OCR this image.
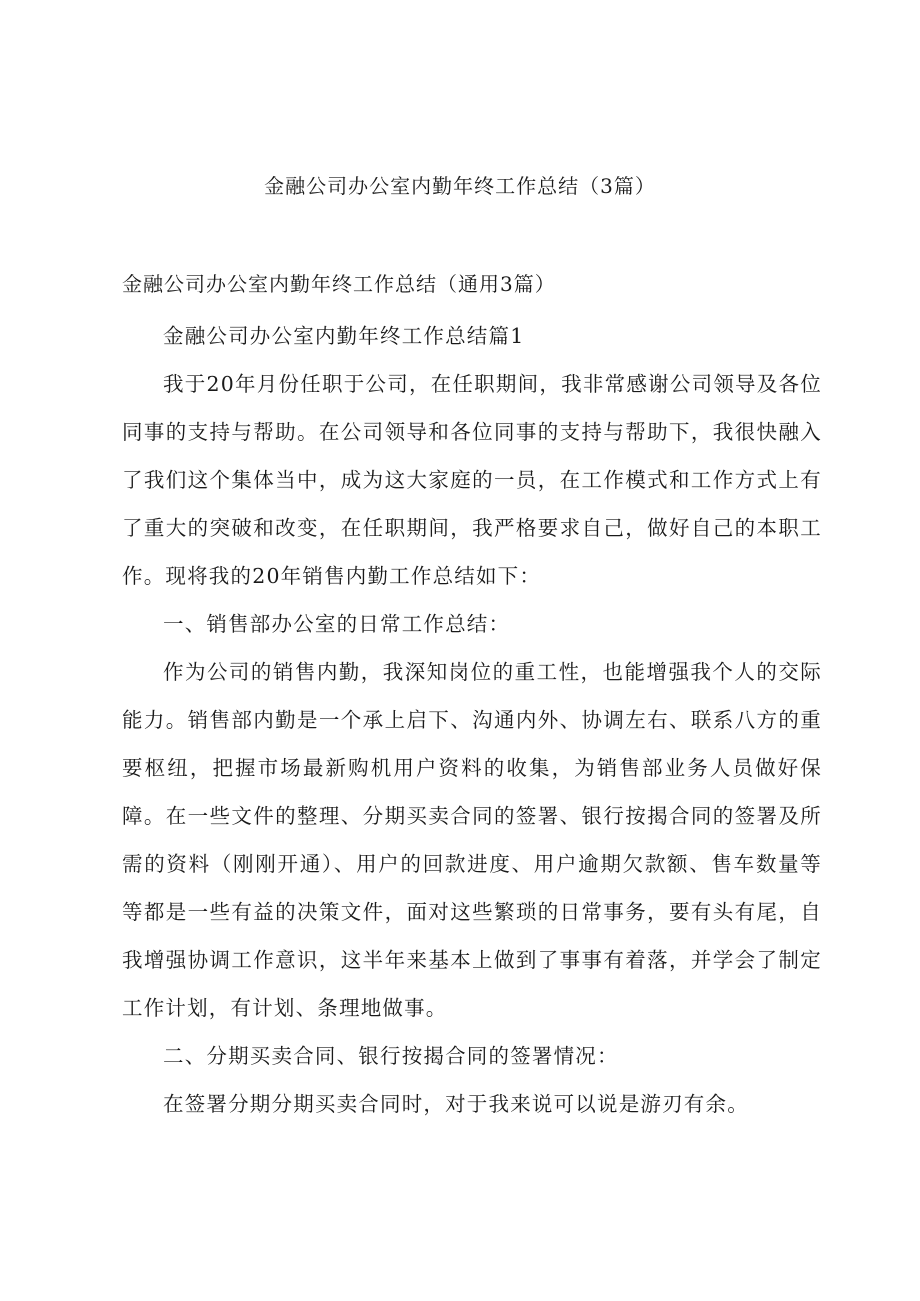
金融公司办公室内勤年终工作总结（3篇）
金融公司办公室内勤年终工作总结（通用3篇）

金融公司办公室内勤年终工作总结篇1

我于20年月份任职于公司，在任职期间，我非常感谢公司领导及各位同事的支持与帮助。在公司领导和各位同事的支持与帮助下，我很快融入了我们这个集体当中，成为这大家庭的一员，在工作模式和工作方式上有了重大的突破和改变，在任职期间，我严格要求自己，做好自己的本职工作。现将我的20年销售内勤工作总结如下：

一、销售部办公室的日常工作总结：

作为公司的销售内勤，我深知岗位的重工性，也能增强我个人的交际能力。销售部内勤是一个承上启下、沟通内外、协调左右、联系八方的重要枢纽，把握市场最新购机用户资料的收集，为销售部业务人员做好保障。在一些文件的整理、分期买卖合同的签署、银行按揭合同的签署及所需的资料（刚刚开通）、用户的回款进度、用户逾期欠款额、售车数量等等都是一些有益的决策文件，面对这些繁琐的日常事务，要有头有尾，自我增强协调工作意识，这半年来基本上做到了事事有着落，并学会了制定工作计划，有计划、条理地做事。

二、分期买卖合同、银行按揭合同的签署情况：

在签署分期分期买卖合同时，对于我来说可以说是游刃有余。
